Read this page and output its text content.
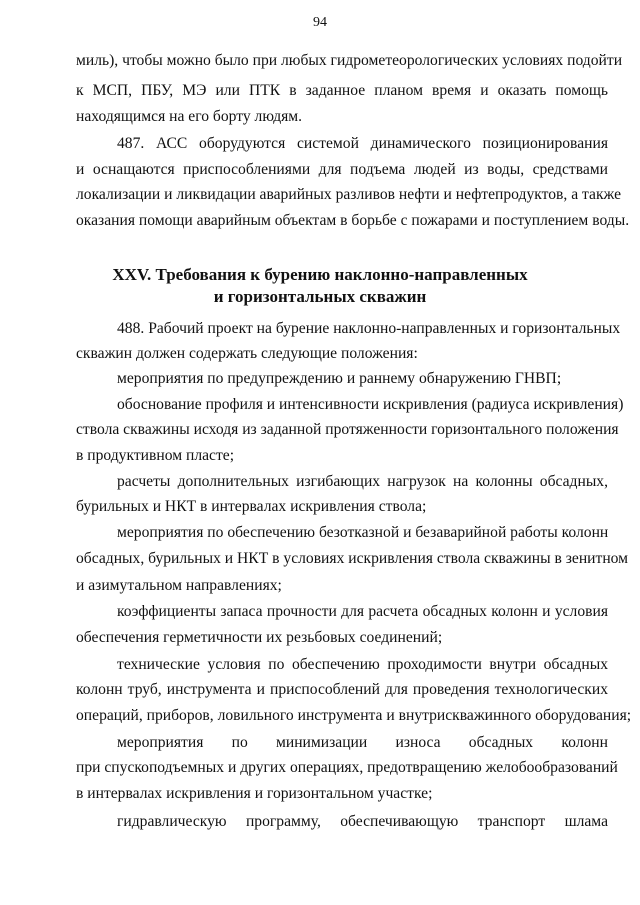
94
миль), чтобы можно было при любых гидрометеорологических условиях подойти
к МСП, ПБУ, МЭ или ПТК в заданное планом время и оказать помощь
находящимся на его борту людям.
487. АСС оборудуются системой динамического позиционирования
и оснащаются приспособлениями для подъема людей из воды, средствами
локализации и ликвидации аварийных разливов нефти и нефтепродуктов, а также
оказания помощи аварийным объектам в борьбе с пожарами и поступлением воды.
XXV. Требования к бурению наклонно-направленных
и горизонтальных скважин
488. Рабочий проект на бурение наклонно-направленных и горизонтальных
скважин должен содержать следующие положения:
мероприятия по предупреждению и раннему обнаружению ГНВП;
обоснование профиля и интенсивности искривления (радиуса искривления)
ствола скважины исходя из заданной протяженности горизонтального положения
в продуктивном пласте;
расчеты дополнительных изгибающих нагрузок на колонны обсадных,
бурильных и НКТ в интервалах искривления ствола;
мероприятия по обеспечению безотказной и безаварийной работы колонн
обсадных, бурильных и НКТ в условиях искривления ствола скважины в зенитном
и азимутальном направлениях;
коэффициенты запаса прочности для расчета обсадных колонн и условия
обеспечения герметичности их резьбовых соединений;
технические условия по обеспечению проходимости внутри обсадных
колонн труб, инструмента и приспособлений для проведения технологических
операций, приборов, ловильного инструмента и внутрискважинного оборудования;
мероприятия по минимизации износа обсадных колонн
при спускоподъемных и других операциях, предотвращению желобообразований
в интервалах искривления и горизонтальном участке;
гидравлическую программу, обеспечивающую транспорт шлама
